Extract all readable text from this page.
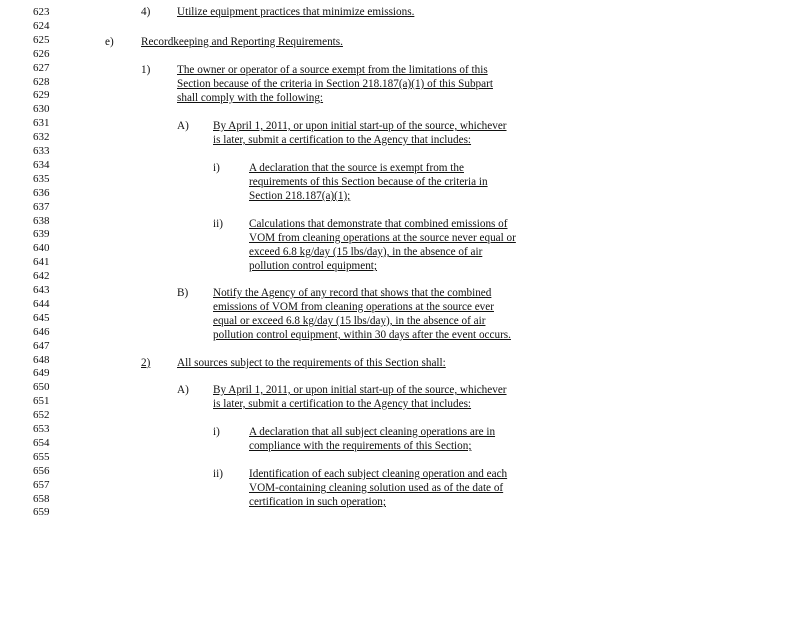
623
624
625
626
627
628
629
630
631
632
633
634
635
636
637
638
639
640
641
642
643
644
645
646
647
648
649
650
651
652
653
654
655
656
657
658
659
4) Utilize equipment practices that minimize emissions.
e) Recordkeeping and Reporting Requirements.
1) The owner or operator of a source exempt from the limitations of this
Section because of the criteria in Section 218.187(a)(1) of this Subpart
shall comply with the following:
A) By April 1, 2011, or upon initial start-up of the source, whichever
is later, submit a certification to the Agency that includes:
i)	A declaration that the source is exempt from the
requirements of this Section because of the criteria in
Section 218.187(a)(1);
ii) Calculations that demonstrate that combined emissions of
VOM from cleaning operations at the source never equal or
exceed 6.8 kg/day (15 lbs/day), in the absence of air
pollution control equipment;
B) Notify the Agency of any record that shows that the combined
emissions of VOM from cleaning operations at the source ever
equal or exceed 6.8 kg/day (15 lbs/day), in the absence of air
pollution control equipment, within 30 days after the event occurs.
2) All sources subject to the requirements of this Section shall:
A) By April 1, 2011, or upon initial start-up of the source, whichever
is later, submit a certification to the Agency that includes:
i)	A declaration that all subject cleaning operations are in
compliance with the requirements of this Section;
ii) Identification of each subject cleaning operation and each
VOM-containing cleaning solution used as of the date of
certification in such operation;
